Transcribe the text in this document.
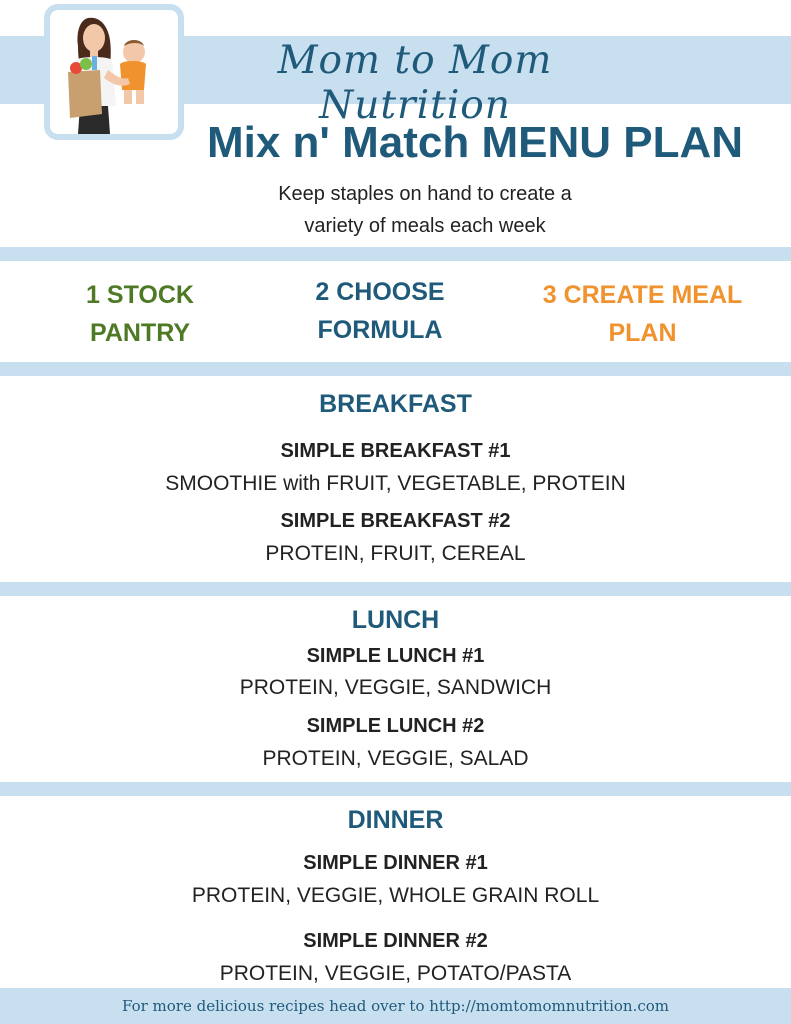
Mom to Mom Nutrition
Mix n' Match MENU PLAN
Keep staples on hand to create a
variety of meals each week
1 STOCK
PANTRY
2 CHOOSE
FORMULA
3 CREATE MEAL
PLAN
BREAKFAST
SIMPLE BREAKFAST #1
SMOOTHIE with FRUIT, VEGETABLE, PROTEIN
SIMPLE BREAKFAST #2
PROTEIN, FRUIT, CEREAL
LUNCH
SIMPLE LUNCH #1
PROTEIN, VEGGIE, SANDWICH
SIMPLE LUNCH #2
PROTEIN, VEGGIE, SALAD
DINNER
SIMPLE DINNER #1
PROTEIN, VEGGIE, WHOLE GRAIN ROLL
SIMPLE DINNER #2
PROTEIN, VEGGIE, POTATO/PASTA
For more delicious recipes head over to http://momtomomnutrition.com
